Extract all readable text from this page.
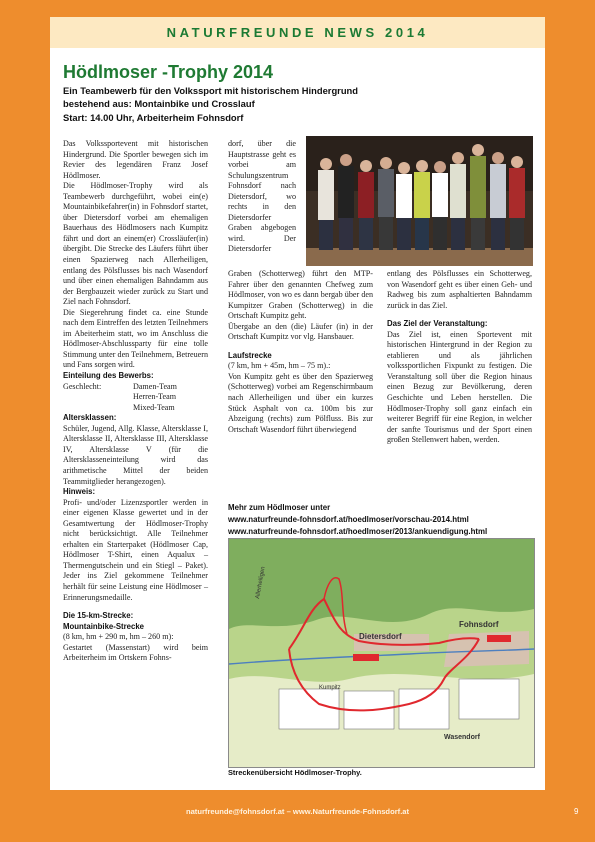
NATURFREUNDE NEWS 2014
Hödlmoser -Trophy 2014
Ein Teambewerb für den Volkssport mit historischem Hindergrund
bestehend aus: Montainbike und Crosslauf
Start: 14.00 Uhr, Arbeiterheim Fohnsdorf

Das Volkssportevent mit historischen Hindergrund. Die Sportler bewegen sich im Revier des legendären Franz Josef Hödlmoser.

Die Hödlmoser-Trophy wird als Teambewerb durchgeführt, wobei ein(e) Mountainbikefahrer(in) in Fohnsdorf startet, über Dietersdorf vorbei am ehemaligen Bauerhaus des Hödlmosers nach Kumpitz fährt und dort an einem(er) Crossläufer(in) übergibt. Die Strecke des Läufers führt über einen Spazierweg nach Allerheiligen, entlang des Pölsflusses bis nach Wasendorf und über einen ehemaligen Bahndamm aus der Bergbauzeit wieder zurück zu Start und Ziel nach Fohnsdorf.

Die Siegerehrung findet ca. eine Stunde nach dem Eintreffen des letzten Teilnehmers im Abeiterheim statt, wo im Anschluss die Hödlmoser-Abschlussparty für eine tolle Stimmung unter den Teilnehmern, Betreuern und Fans sorgen wird.

Einteilung des Bewerbs:

Geschlecht:	Damen-Team
Herren-Team
Mixed-Team

Altersklassen:

Schüler, Jugend, Allg. Klasse, Altersklasse I, Altersklasse II, Altersklasse III, Altersklasse IV, Altersklasse V (für die Altersklasseneinteilung wird das arithmetische Mittel der beiden Teammitglieder herangezogen).

Hinweis:

Profi- und/oder Lizenzsportler werden in einer eigenen Klasse gewertet und in der Gesamtwertung der Hödlmoser-Trophy nicht berücksichtigt. Alle Teilnehmer erhalten ein Starterpaket (Hödlmoser Cap, Hödlmoser T-Shirt, einen Aqualux – Thermengutschein und ein Stiegl – Paket). Jeder ins Ziel gekommene Teilnehmer herhält für seine Leistung eine Hödlmoser – Erinnerungsmedaille.

Die 15-km-Strecke:

Mountainbike-Strecke

(8 km, hm + 290 m, hm – 260 m):

Gestartet (Massenstart) wird beim Arbeiterheim im Ortskern Fohns-

dorf, über die Hauptstrasse geht es vorbei am Schulungszentrum Fohnsdorf nach Dietersdorf, wo rechts in den Dietersdorfer Graben abgebogen wird. Der Dietersdorfer

Graben (Schotterweg) führt den MTP-Fahrer über den genannten Chefweg zum Hödlmoser, von wo es dann bergab über den Kumpitzer Graben (Schotterweg) in die Ortschaft Kumpitz geht.

Übergabe an den (die) Läufer (in) in der Ortschaft Kumpitz vor vlg. Hansbauer.

Laufstrecke

(7 km, hm + 45m, hm – 75 m).:

Von Kumpitz geht es über den Spazierweg (Schotterweg) vorbei am Regenschirmbaum nach Allerheiligen und über ein kurzes Stück Asphalt von ca. 100m bis zur Abzeigung (rechts) zum Pölfluss. Bis zur Ortschaft Wasendorf führt überwiegend

entlang des Pölsflusses ein Schotterweg, von Wasendorf geht es über einen Geh- und Radweg bis zum asphaltierten Bahndamm zurück in das Ziel.

Das Ziel der Veranstaltung:

Das Ziel ist, einen Sportevent mit historischen Hintergrund in der Region zu etablieren und als jährlichen volkssportlichen Fixpunkt zu festigen. Die Veranstaltung soll über die Region hinaus einen Bezug zur Bevölkerung, deren Geschichte und Leben herstellen. Die Hödlmoser-Trophy soll ganz einfach ein weiterer Begriff für eine Region, in welcher der sanfte Tourismus und der Sport einen großen Stellenwert haben, werden.

Mehr zum Hödlmoser unter
www.naturfreunde-fohnsdorf.at/hoedlmoser/vorschau-2014.html
www.naturfreunde-fohnsdorf.at/hoedlmoser/2013/ankuendigung.html
Dietersdorf
Fohnsdorf
Wasendorf
Allerheiligen
Kumpitz
Streckenübersicht Hödlmoser-Trophy.
naturfreunde@fohnsdorf.at – www.Naturfreunde-Fohnsdorf.at	9
